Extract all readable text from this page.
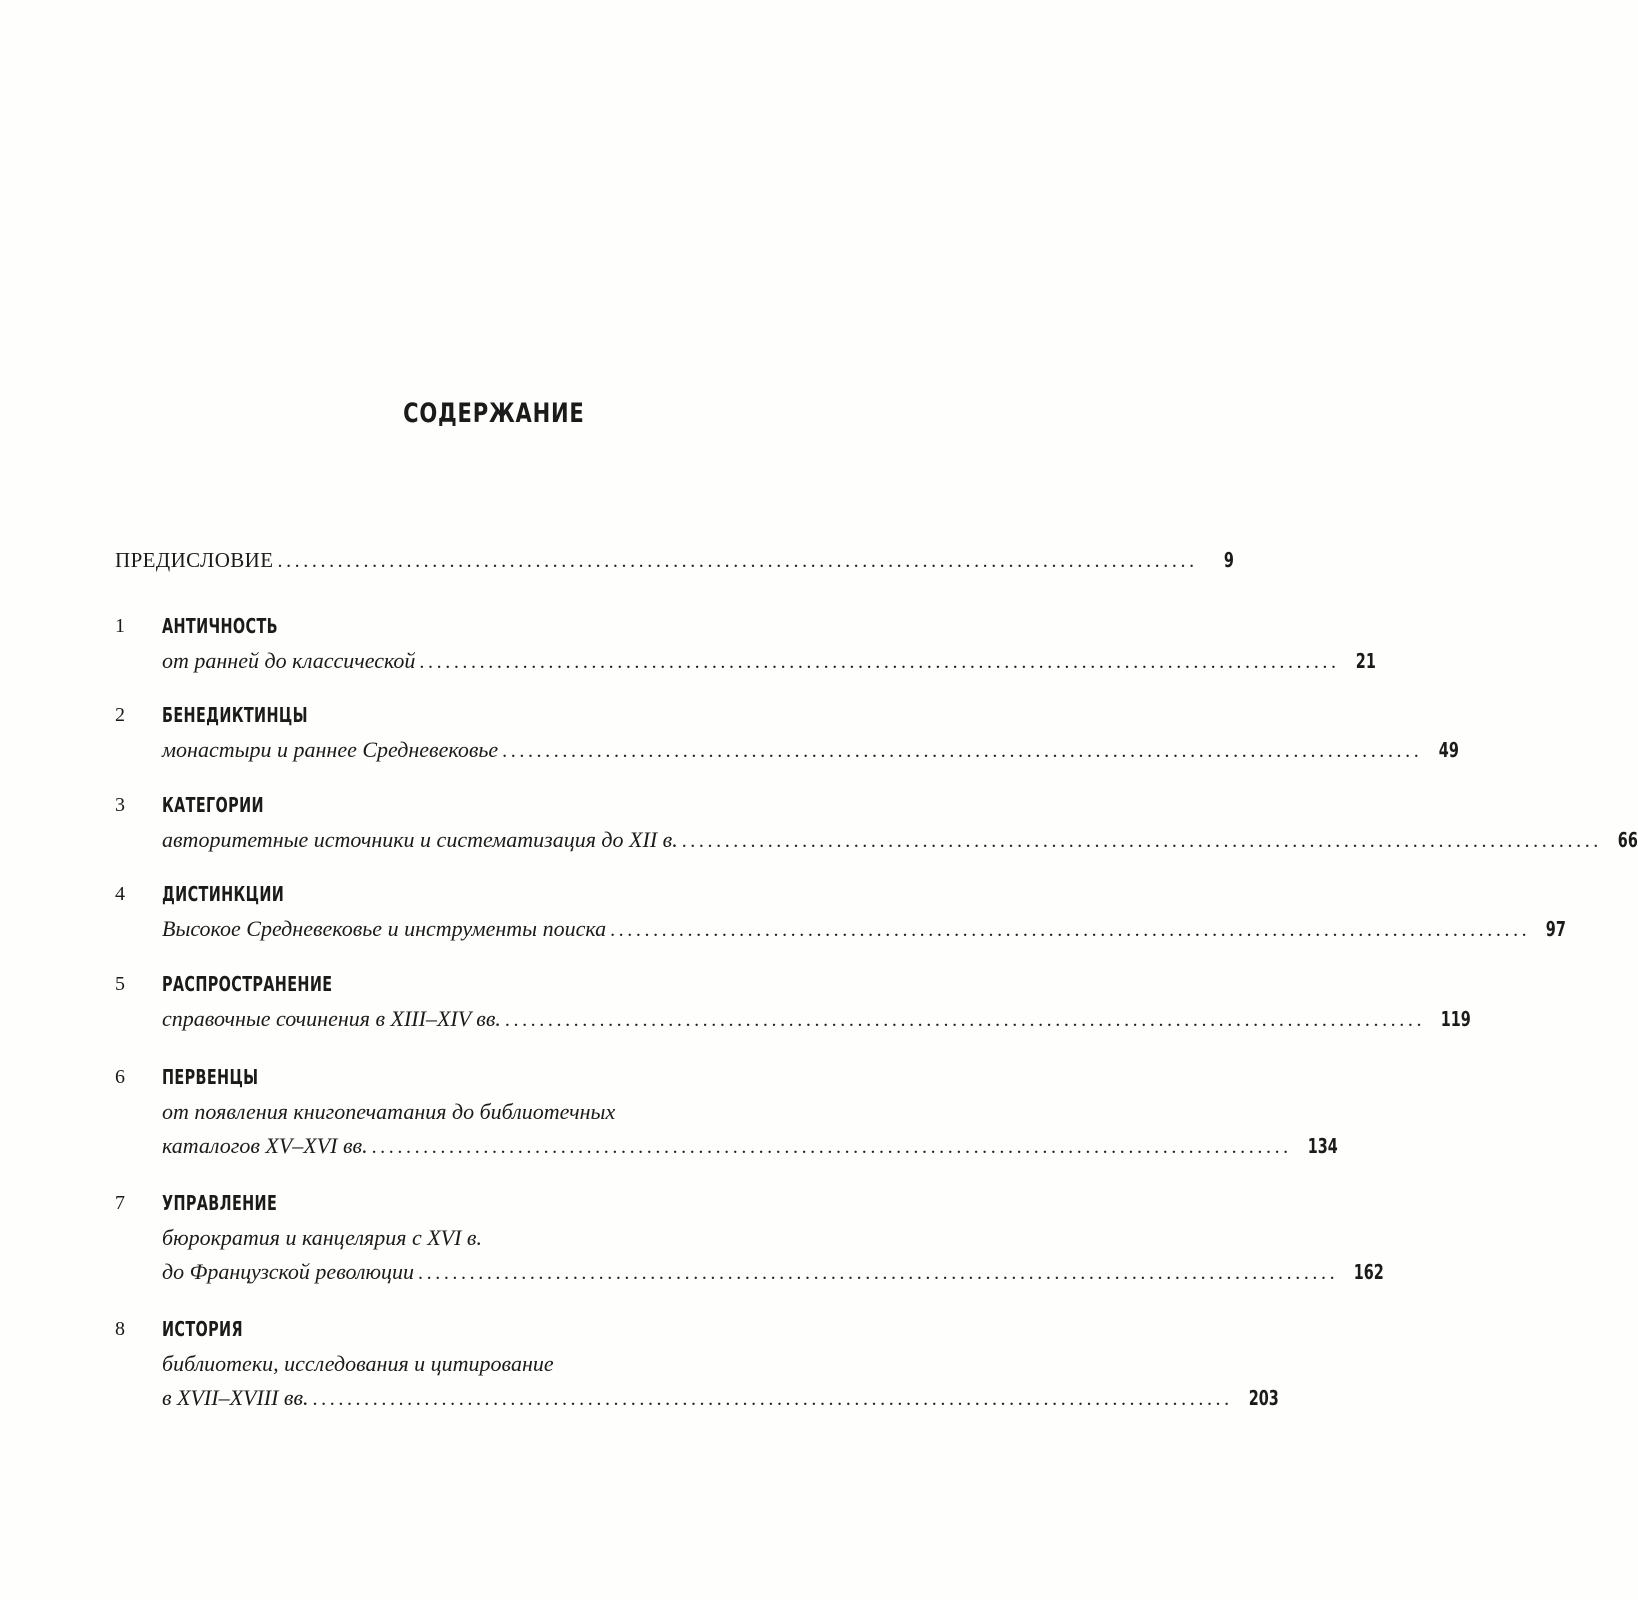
СОДЕРЖАНИЕ
ПРЕДИСЛОВИЕ ...........................................................................................................	9
1 АНТИЧНОСТЬ
от ранней до классической ........................................................................................................... 21
2 БЕНЕДИКТИНЦЫ
монастыри и раннее Средневековье ........................................................................................................... 49
3 КАТЕГОРИИ
авторитетные источники и систематизация до XII в. ........................................................................................................... 66
4 ДИСТИНКЦИИ
Высокое Средневековье и инструменты поиска ........................................................................................................... 97
5 РАСПРОСТРАНЕНИЕ
справочные сочинения в XIII–XIV вв. ........................................................................................................... 119
6 ПЕРВЕНЦЫ
от появления книгопечатания до библиотечных
каталогов XV–XVI вв. ........................................................................................................... 134
7 УПРАВЛЕНИЕ
бюрократия и канцелярия с XVI в.
до Французской революции ........................................................................................................... 162
8 ИСТОРИЯ
библиотеки, исследования и цитирование
в XVII–XVIII вв. ........................................................................................................... 203
